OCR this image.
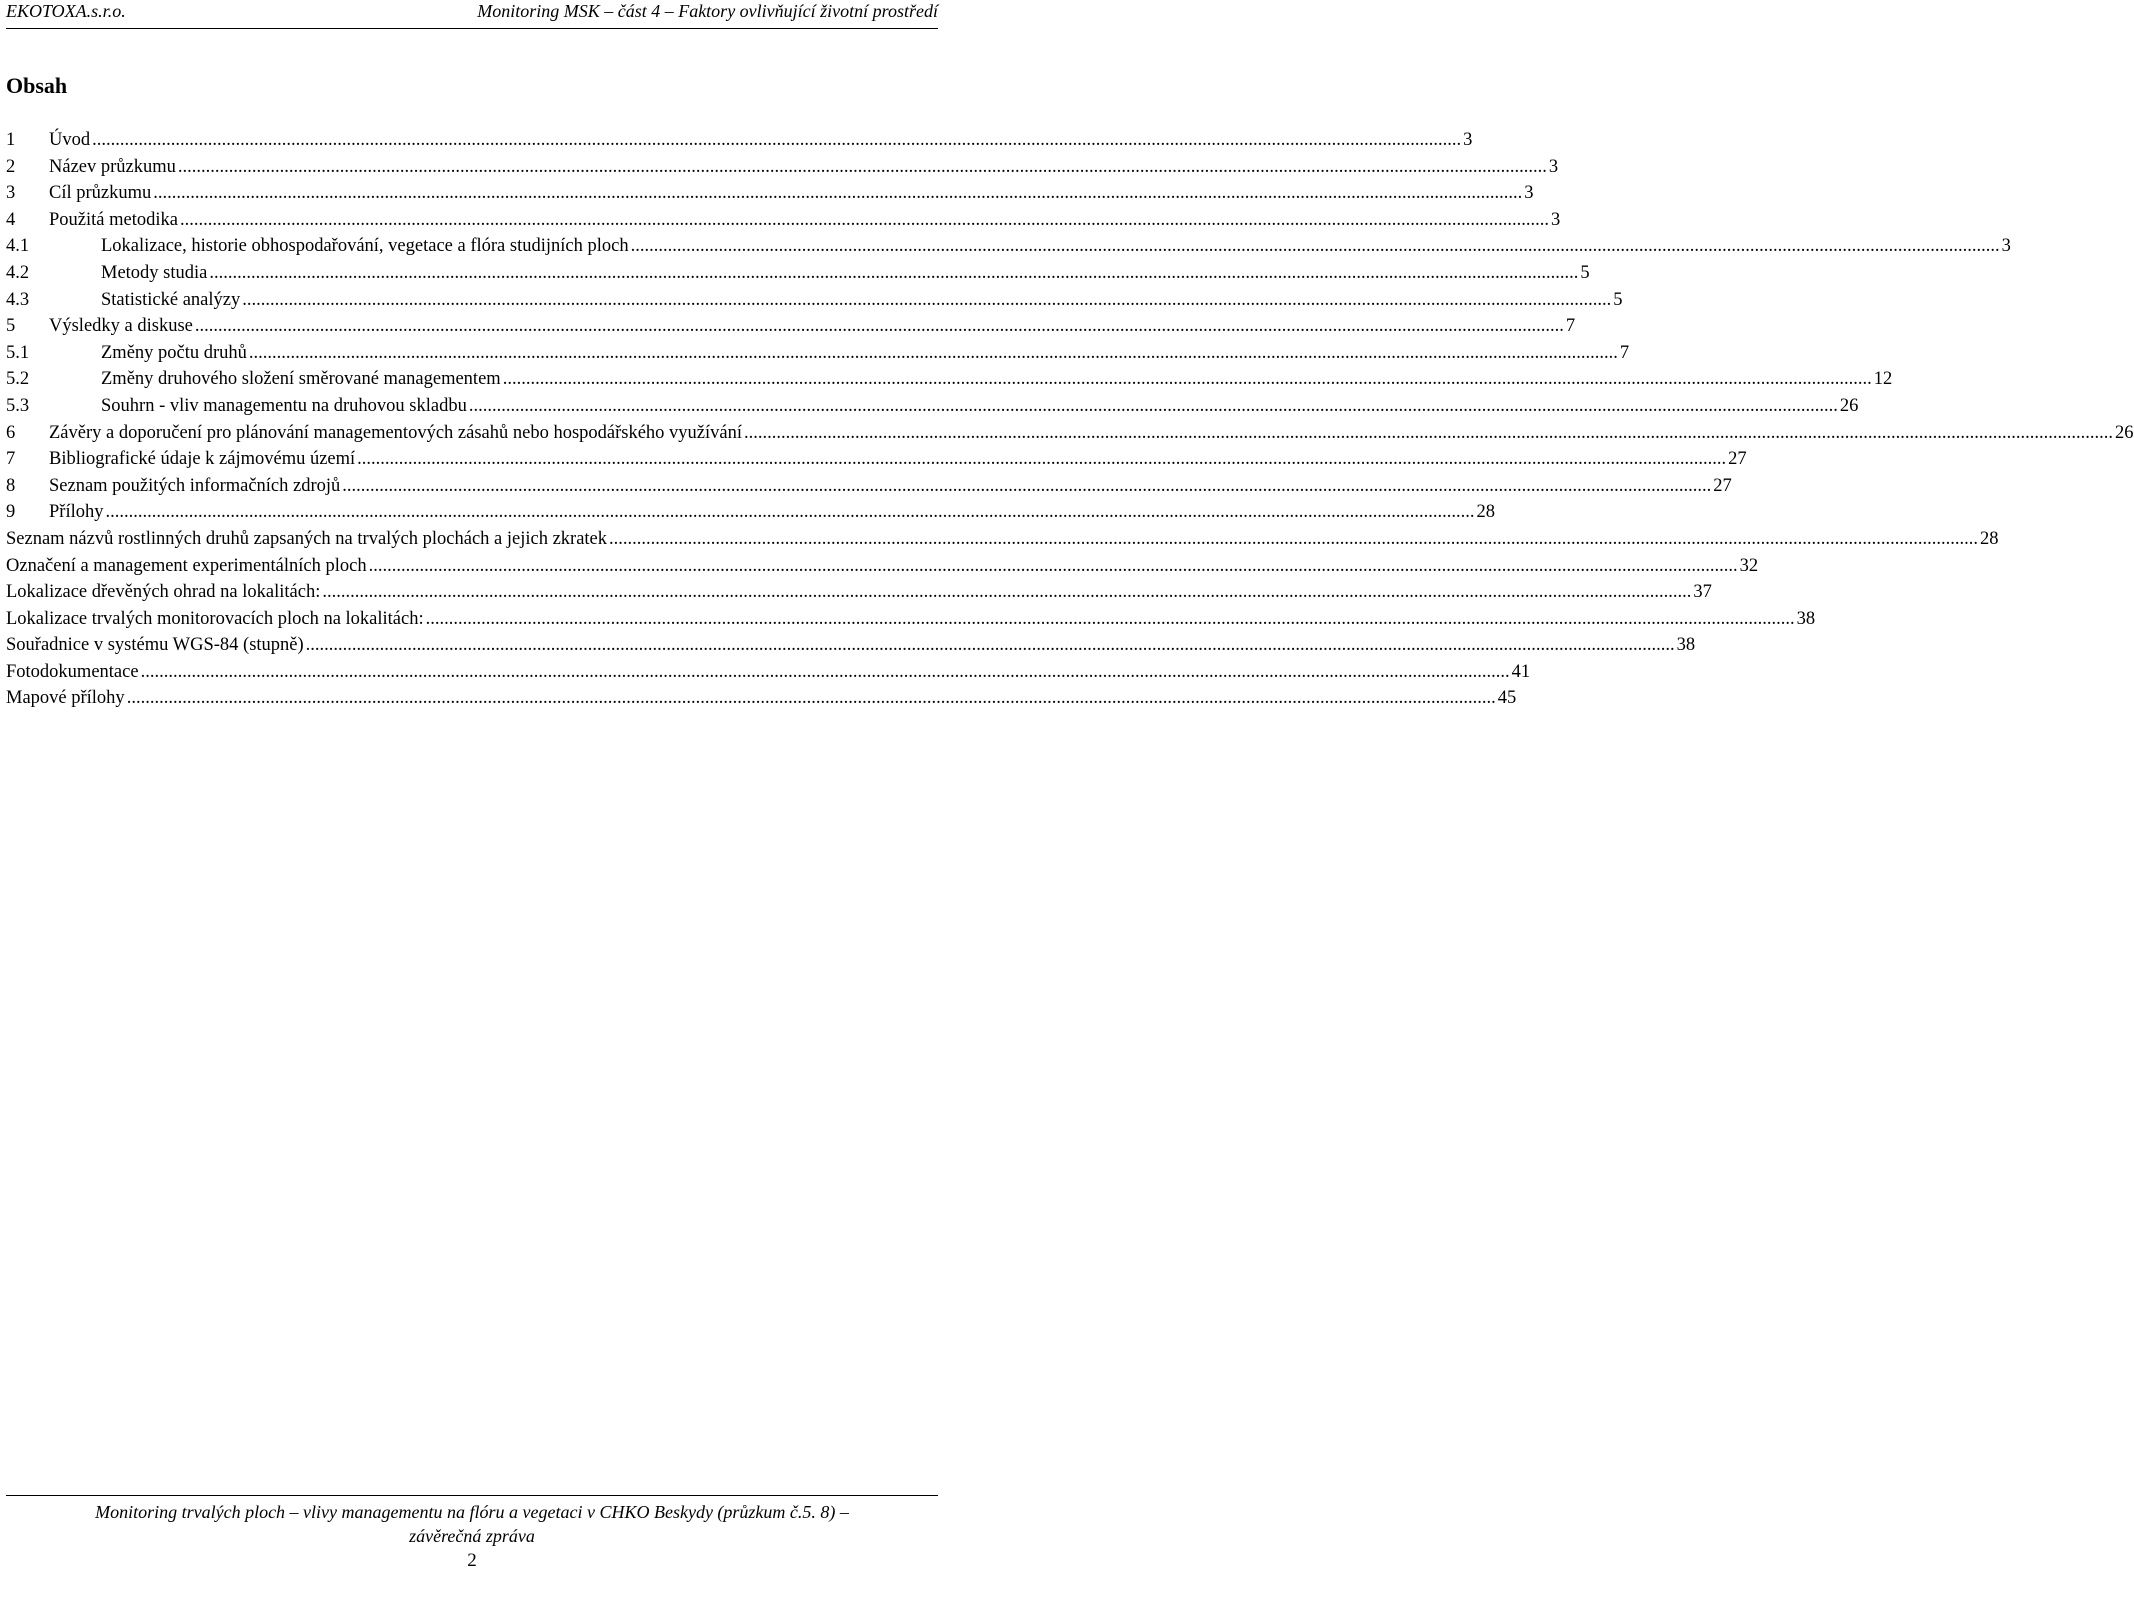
EKOTOXA.s.r.o.	Monitoring MSK – část 4 – Faktory ovlivňující životní prostředí
Obsah
1	Úvod .....	3
2	Název průzkumu .....	3
3	Cíl průzkumu .....	3
4	Použitá metodika .....	3
4.1	Lokalizace, historie obhospodařování, vegetace a flóra studijních ploch .....	3
4.2	Metody studia .....	5
4.3	Statistické analýzy .....	5
5	Výsledky a diskuse .....	7
5.1	Změny počtu druhů .....	7
5.2	Změny druhového složení směrované managementem .....	12
5.3	Souhrn - vliv managementu na druhovou skladbu .....	26
6	Závěry a doporučení pro plánování managementových zásahů nebo hospodářského využívání .....	26
7	Bibliografické údaje k zájmovému území .....	27
8	Seznam použitých informačních zdrojů .....	27
9	Přílohy .....	28
Seznam názvů rostlinných druhů zapsaných na trvalých plochách a jejich zkratek .....	28
Označení a management experimentálních ploch .....	32
Lokalizace dřevěných ohrad na lokalitách: .....	37
Lokalizace trvalých monitorovacích ploch na lokalitách: .....	38
Souřadnice v systému WGS-84 (stupně) .....	38
Fotodokumentace .....	41
Mapové přílohy .....	45
Monitoring trvalých ploch – vlivy managementu na flóru a vegetaci v CHKO Beskydy (průzkum č.5. 8) –
závěrečná zpráva
2
